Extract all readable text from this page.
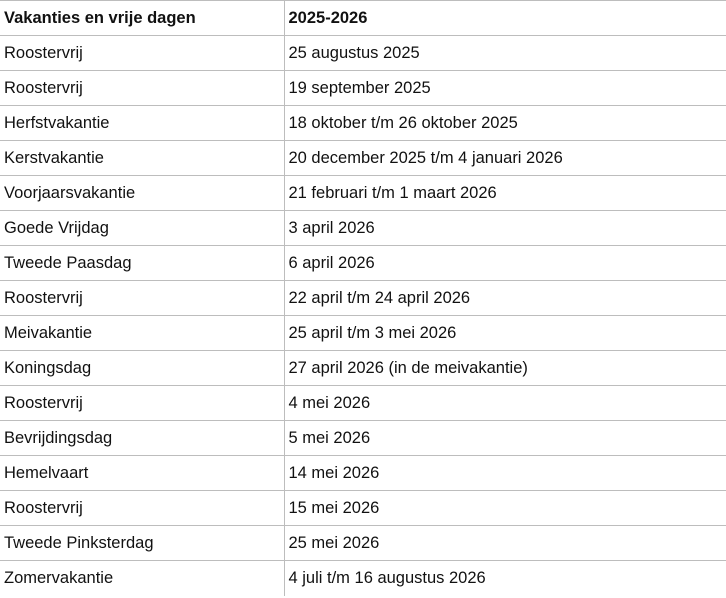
Vakanties en vrije dagen	2025-2026
Roostervrij	25 augustus 2025
Roostervrij	19 september 2025
Herfstvakantie	18 oktober t/m 26 oktober 2025
Kerstvakantie	20 december 2025 t/m 4 januari 2026
Voorjaarsvakantie	21 februari t/m 1 maart 2026
Goede Vrijdag	3 april 2026
Tweede Paasdag	6 april 2026
Roostervrij	22 april t/m 24 april 2026
Meivakantie	25 april t/m 3 mei 2026
Koningsdag	27 april 2026 (in de meivakantie)
Roostervrij	4 mei 2026
Bevrijdingsdag	5 mei 2026
Hemelvaart	14 mei 2026
Roostervrij	15 mei 2026
Tweede Pinksterdag	25 mei 2026
Zomervakantie	4 juli t/m 16 augustus 2026
